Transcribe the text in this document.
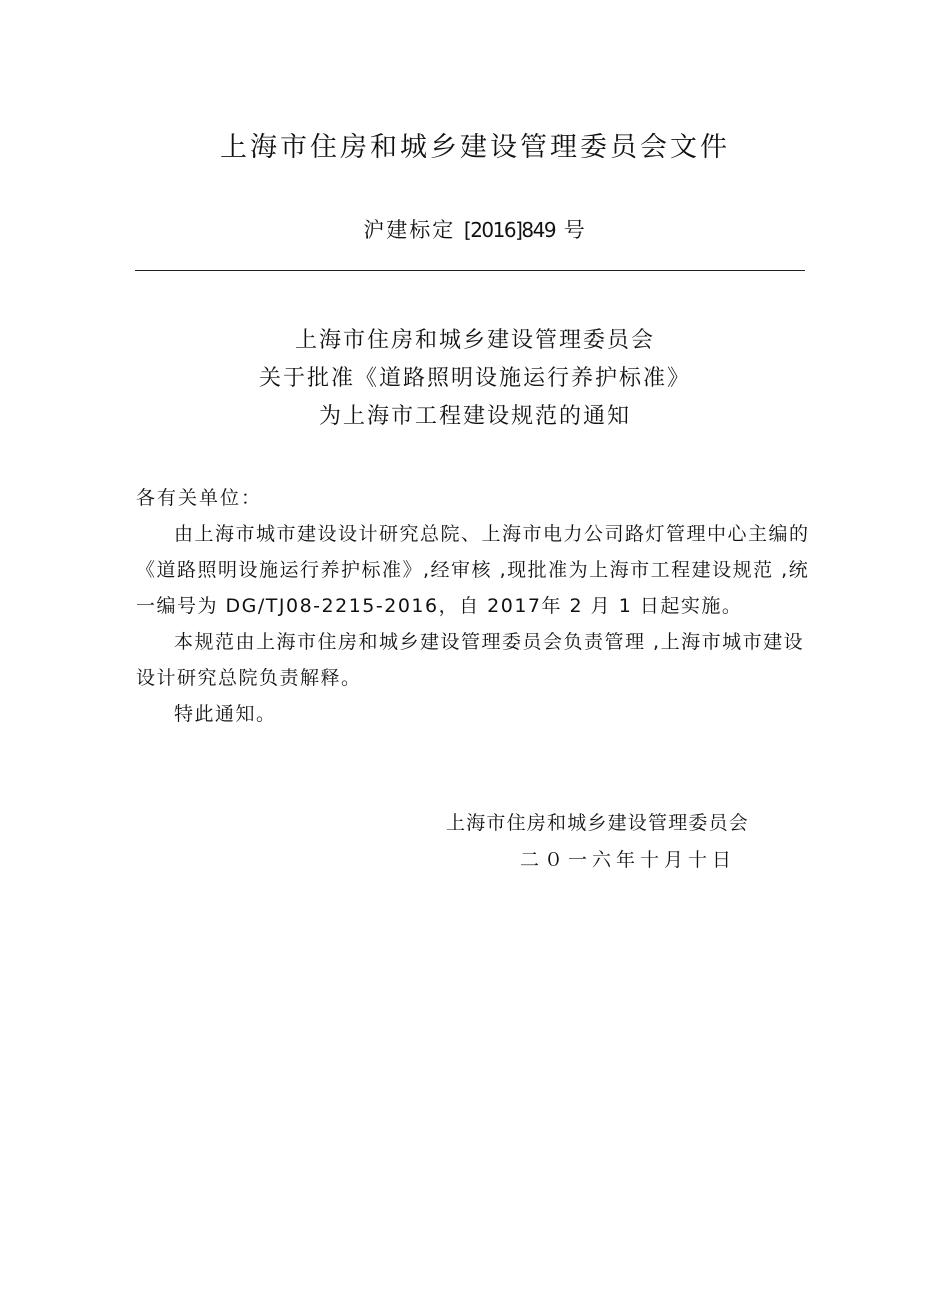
上海市住房和城乡建设管理委员会文件
沪建标定 [2016]849 号
上海市住房和城乡建设管理委员会
关于批准《道路照明设施运行养护标准》
为上海市工程建设规范的通知

各有关单位：

由上海市城市建设设计研究总院、上海市电力公司路灯管理中心主编的《道路照明设施运行养护标准》,经审核 ,现批准为上海市工程建设规范 ,统一编号为 DG/TJ08-2215-2016，自 2017年 2 月 1 日起实施。

本规范由上海市住房和城乡建设管理委员会负责管理 ,上海市城市建设设计研究总院负责解释。

特此通知。

上海市住房和城乡建设管理委员会
二０一六年十月十日
